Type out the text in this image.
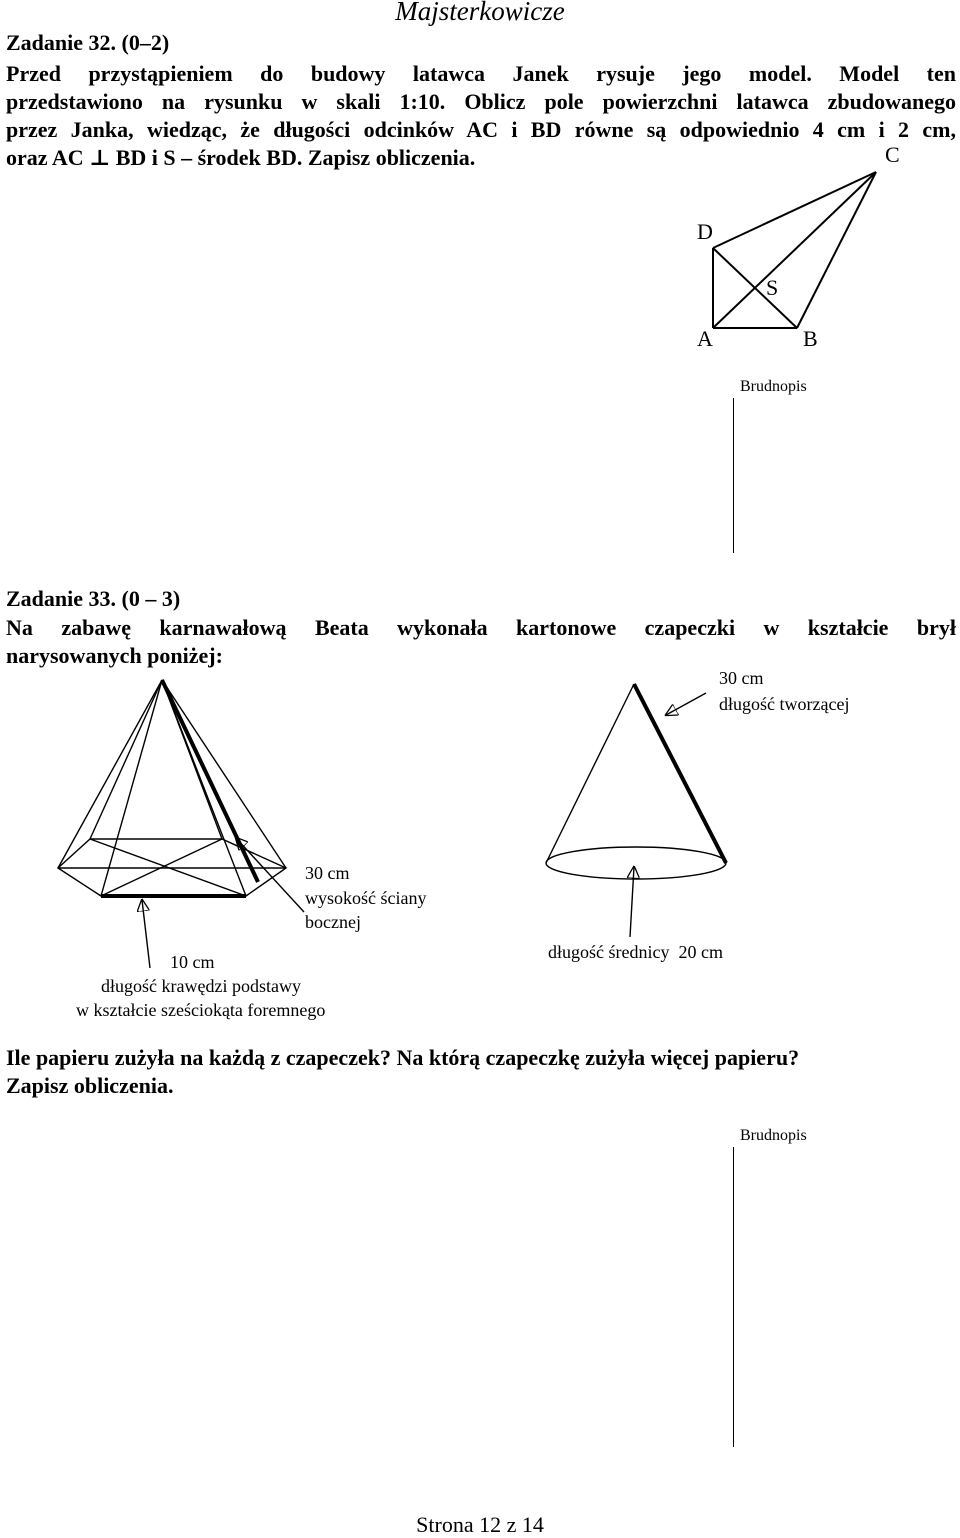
Majsterkowicze
Zadanie 32. (0–2)

Przed przystąpieniem do budowy latawca Janek rysuje jego model. Model ten

przedstawiono na rysunku w skali 1:10. Oblicz pole powierzchni latawca zbudowanego

przez Janka, wiedząc, że długości odcinków AC i BD równe są odpowiednio 4 cm i 2 cm,

oraz AC ⊥ BD i S – środek BD. Zapisz obliczenia.

D
C
S
A	B
Brudnopis
Zadanie 33. (0 – 3)

Na zabawę karnawałową Beata wykonała kartonowe czapeczki w kształcie brył

narysowanych poniżej:

30 cm
długość tworzącej
długość średnicy  20 cm
30 cm
wysokość ściany
bocznej
10 cm
długość krawędzi podstawy
w kształcie sześciokąta foremnego

Ile papieru zużyła na każdą z czapeczek? Na którą czapeczkę zużyła więcej papieru?

Zapisz obliczenia.

Brudnopis
Strona 12 z 14
